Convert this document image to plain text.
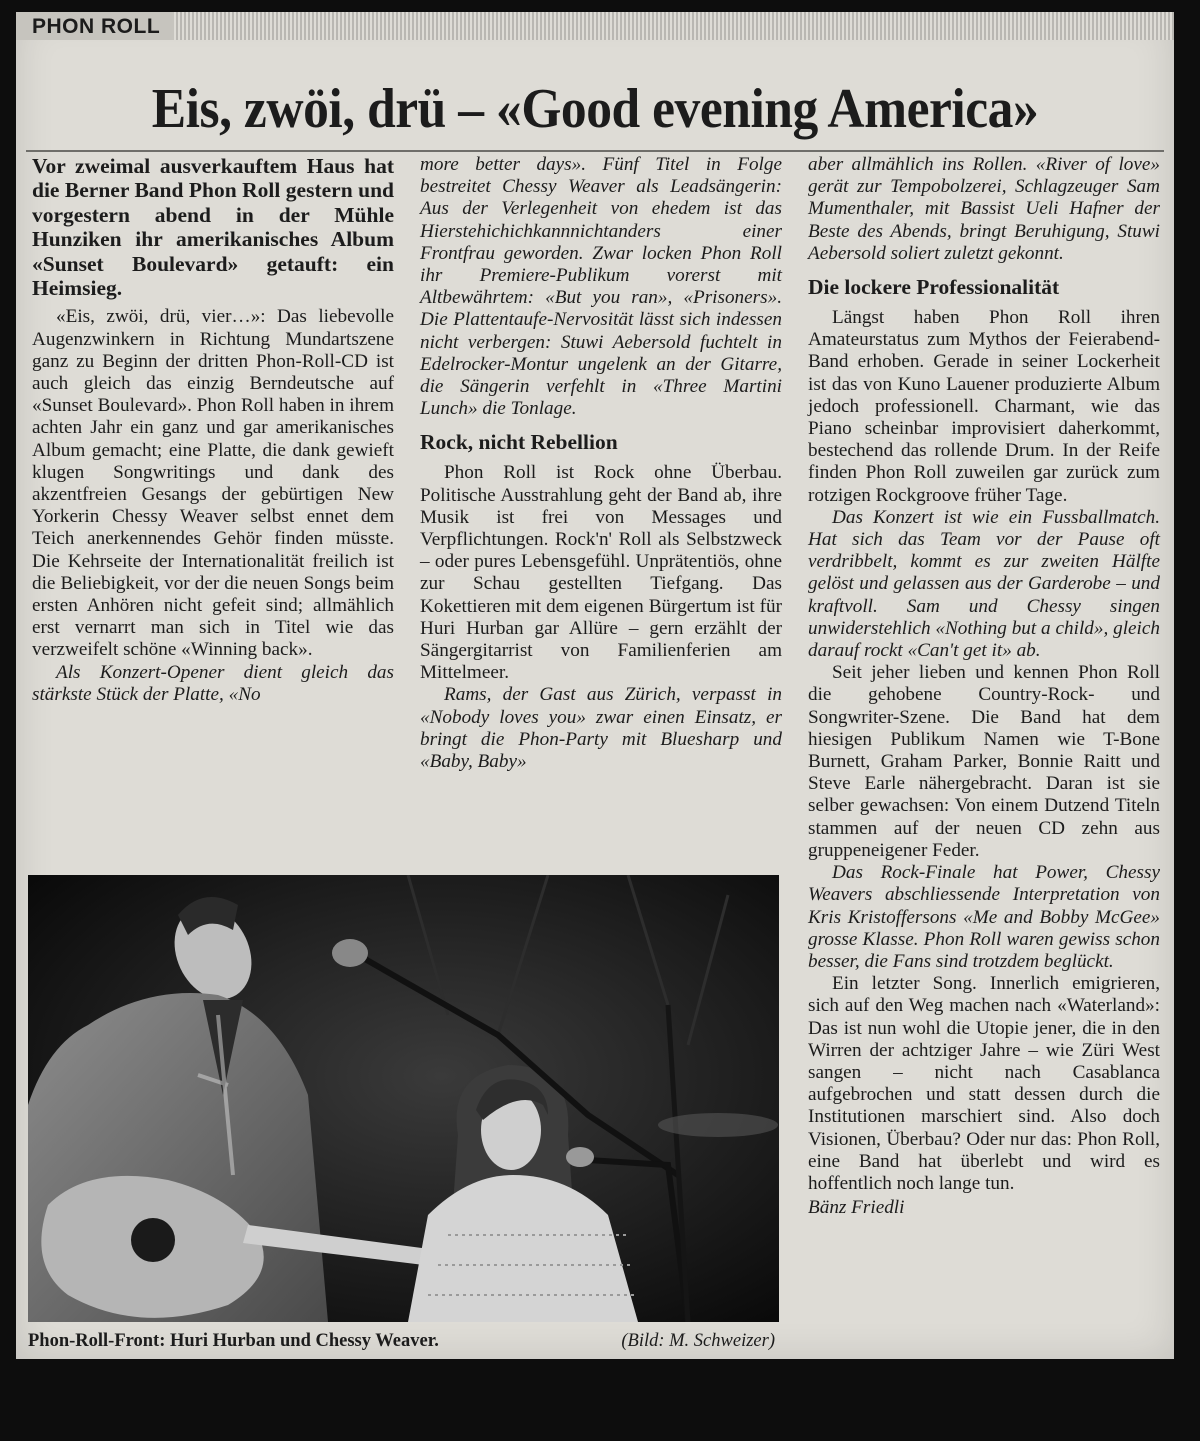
PHON ROLL
Eis, zwöi, drü – «Good evening America»

Vor zweimal ausverkauftem Haus hat die Berner Band Phon Roll gestern und vorgestern abend in der Mühle Hunziken ihr amerikanisches Album «Sunset Boulevard» getauft: ein Heimsieg.

«Eis, zwöi, drü, vier…»: Das liebevolle Augenzwinkern in Richtung Mundartszene ganz zu Beginn der dritten Phon-Roll-CD ist auch gleich das einzig Berndeutsche auf «Sunset Boulevard». Phon Roll haben in ihrem achten Jahr ein ganz und gar amerikanisches Album gemacht; eine Platte, die dank gewieft klugen Songwritings und dank des akzentfreien Gesangs der gebürtigen New Yorkerin Chessy Weaver selbst ennet dem Teich anerkennendes Gehör finden müsste. Die Kehrseite der Internationalität freilich ist die Beliebigkeit, vor der die neuen Songs beim ersten Anhören nicht gefeit sind; allmählich erst vernarrt man sich in Titel wie das verzweifelt schöne «Winning back».

Als Konzert-Opener dient gleich das stärkste Stück der Platte, «No

more better days». Fünf Titel in Folge bestreitet Chessy Weaver als Leadsängerin: Aus der Verlegenheit von ehedem ist das Hierstehichichkannnichtanders einer Frontfrau geworden. Zwar locken Phon Roll ihr Premiere-Publikum vorerst mit Altbewährtem: «But you ran», «Prisoners». Die Plattentaufe-Nervosität lässt sich indessen nicht verbergen: Stuwi Aebersold fuchtelt in Edelrocker-Montur ungelenk an der Gitarre, die Sängerin verfehlt in «Three Martini Lunch» die Tonlage.

Rock, nicht Rebellion

Phon Roll ist Rock ohne Überbau. Politische Ausstrahlung geht der Band ab, ihre Musik ist frei von Messages und Verpflichtungen. Rock'n' Roll als Selbstzweck – oder pures Lebensgefühl. Unprätentiös, ohne zur Schau gestellten Tiefgang. Das Kokettieren mit dem eigenen Bürgertum ist für Huri Hurban gar Allüre – gern erzählt der Sängergitarrist von Familienferien am Mittelmeer.

Rams, der Gast aus Zürich, verpasst in «Nobody loves you» zwar einen Einsatz, er bringt die Phon-Party mit Bluesharp und «Baby, Baby»

aber allmählich ins Rollen. «River of love» gerät zur Tempobolzerei, Schlagzeuger Sam Mumenthaler, mit Bassist Ueli Hafner der Beste des Abends, bringt Beruhigung, Stuwi Aebersold soliert zuletzt gekonnt.

Die lockere Professionalität

Längst haben Phon Roll ihren Amateurstatus zum Mythos der Feierabend-Band erhoben. Gerade in seiner Lockerheit ist das von Kuno Lauener produzierte Album jedoch professionell. Charmant, wie das Piano scheinbar improvisiert daherkommt, bestechend das rollende Drum. In der Reife finden Phon Roll zuweilen gar zurück zum rotzigen Rockgroove früher Tage.

Das Konzert ist wie ein Fussballmatch. Hat sich das Team vor der Pause oft verdribbelt, kommt es zur zweiten Hälfte gelöst und gelassen aus der Garderobe – und kraftvoll. Sam und Chessy singen unwiderstehlich «Nothing but a child», gleich darauf rockt «Can't get it» ab.

Seit jeher lieben und kennen Phon Roll die gehobene Country-Rock- und Songwriter-Szene. Die Band hat dem hiesigen Publikum Namen wie T-Bone Burnett, Graham Parker, Bonnie Raitt und Steve Earle nähergebracht. Daran ist sie selber gewachsen: Von einem Dutzend Titeln stammen auf der neuen CD zehn aus gruppeneigener Feder.

Das Rock-Finale hat Power, Chessy Weavers abschliessende Interpretation von Kris Kristoffersons «Me and Bobby McGee» grosse Klasse. Phon Roll waren gewiss schon besser, die Fans sind trotzdem beglückt.

Ein letzter Song. Innerlich emigrieren, sich auf den Weg machen nach «Waterland»: Das ist nun wohl die Utopie jener, die in den Wirren der achtziger Jahre – wie Züri West sangen – nicht nach Casablanca aufgebrochen und statt dessen durch die Institutionen marschiert sind. Also doch Visionen, Überbau? Oder nur das: Phon Roll, eine Band hat überlebt und wird es hoffentlich noch lange tun.

Bänz Friedli

Phon-Roll-Front: Huri Hurban und Chessy Weaver.	(Bild: M. Schweizer)
